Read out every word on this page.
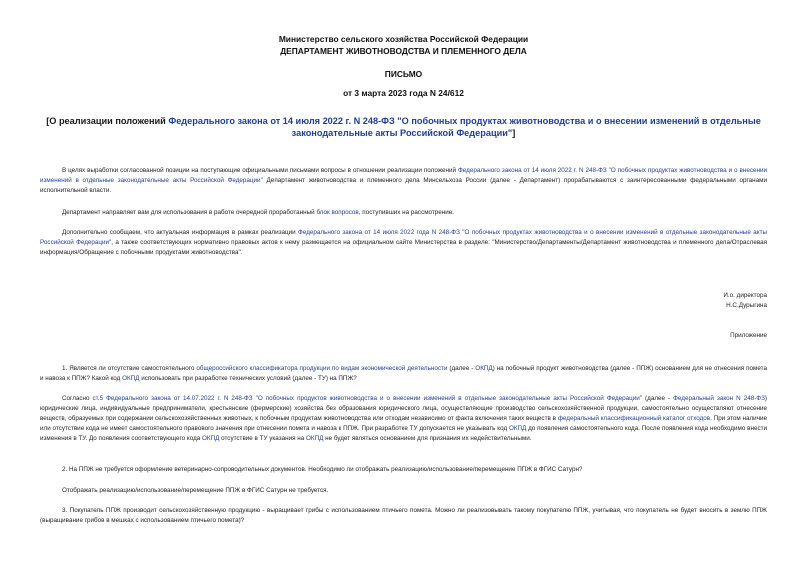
Министерство сельского хозяйства Российской Федерации
ДЕПАРТАМЕНТ ЖИВОТНОВОДСТВА И ПЛЕМЕННОГО ДЕЛА
ПИСЬМО
от 3 марта 2023 года N 24/612
[О реализации положений Федерального закона от 14 июля 2022 г. N 248-ФЗ "О побочных продуктах животноводства и о внесении изменений в отдельные законодательные акты Российской Федерации"]
В целях выработки согласованной позиции на поступающие официальными письмами вопросы в отношении реализации положений Федерального закона от 14 июля 2022 г. N 248-ФЗ "О побочных продуктах животноводства и о внесении изменений в отдельные законодательные акты Российской Федерации" Департамент животноводства и племенного дела Минсельхоза России (далее - Департамент) прорабатываются с заинтересованными федеральными органами исполнительной власти.
Департамент направляет вам для использования в работе очередной проработанный блок вопросов, поступивших на рассмотрение.
Дополнительно сообщаем, что актуальная информация в рамках реализации Федерального закона от 14 июля 2022 года N 248-ФЗ "О побочных продуктах животноводства и о внесении изменений в отдельные законодательные акты Российской Федерации", а также соответствующих нормативно правовых актов к нему размещается на официальном сайте Министерства в разделе: "Министерство/Департаменты/Департамент животноводства и племенного дела/Отраслевая информация/Обращение с побочными продуктами животноводства".
И.о. директора
Н.С.Дурыгина
Приложение
1. Является ли отсутствие самостоятельного общероссийского классификатора продукции по видам экономической деятельности (далее - ОКПД) на побочный продукт животноводства (далее - ППЖ) основанием для не отнесения помета и навоза к ППЖ? Какой код ОКПД использовать при разработке технических условий (далее - ТУ) на ППЖ?
Согласно ст.5 Федерального закона от 14.07.2022 г. N 248-ФЗ "О побочных продуктов животноводства и о внесении изменений в отдельные законодательные акты Российской Федерации" (далее - Федеральный закон N 248-ФЗ) юридические лица, индивидуальные предприниматели, крестьянские (фермерские) хозяйства без образования юридического лица, осуществляющие производство сельскохозяйственной продукции, самостоятельно осуществляют отнесение веществ, образуемых при содержании сельскохозяйственных животных, к побочным продуктам животноводства или отходам независимо от факта включения таких веществ в федеральный классификационный каталог отходов. При этом наличие или отсутствие кода не имеет самостоятельного правового значения при отнесении помета и навоза к ППЖ. При разработке ТУ допускается не указывать код ОКПД до появления самостоятельного кода. После появления кода необходимо внести изменения в ТУ. До появления соответствующего кода ОКПД отсутствие в ТУ указания на ОКПД не будет являться основанием для признания их недействительными.
2. На ППЖ не требуется оформление ветеринарно-сопроводительных документов. Необходимо ли отображать реализацию/использование/перемещение ППЖ в ФГИС Сатурн?
Отображать реализацию/использование/перемещение ППЖ в ФГИС Сатурн не требуется.
3. Покупатель ППЖ производит сельскохозяйственную продукцию - выращивает грибы с использованием птичьего помета. Можно ли реализовывать такому покупателю ППЖ, учитывая, что покупатель не будет вносить в землю ППЖ (выращивание грибов в мешках с использованием птичьего помета)?
